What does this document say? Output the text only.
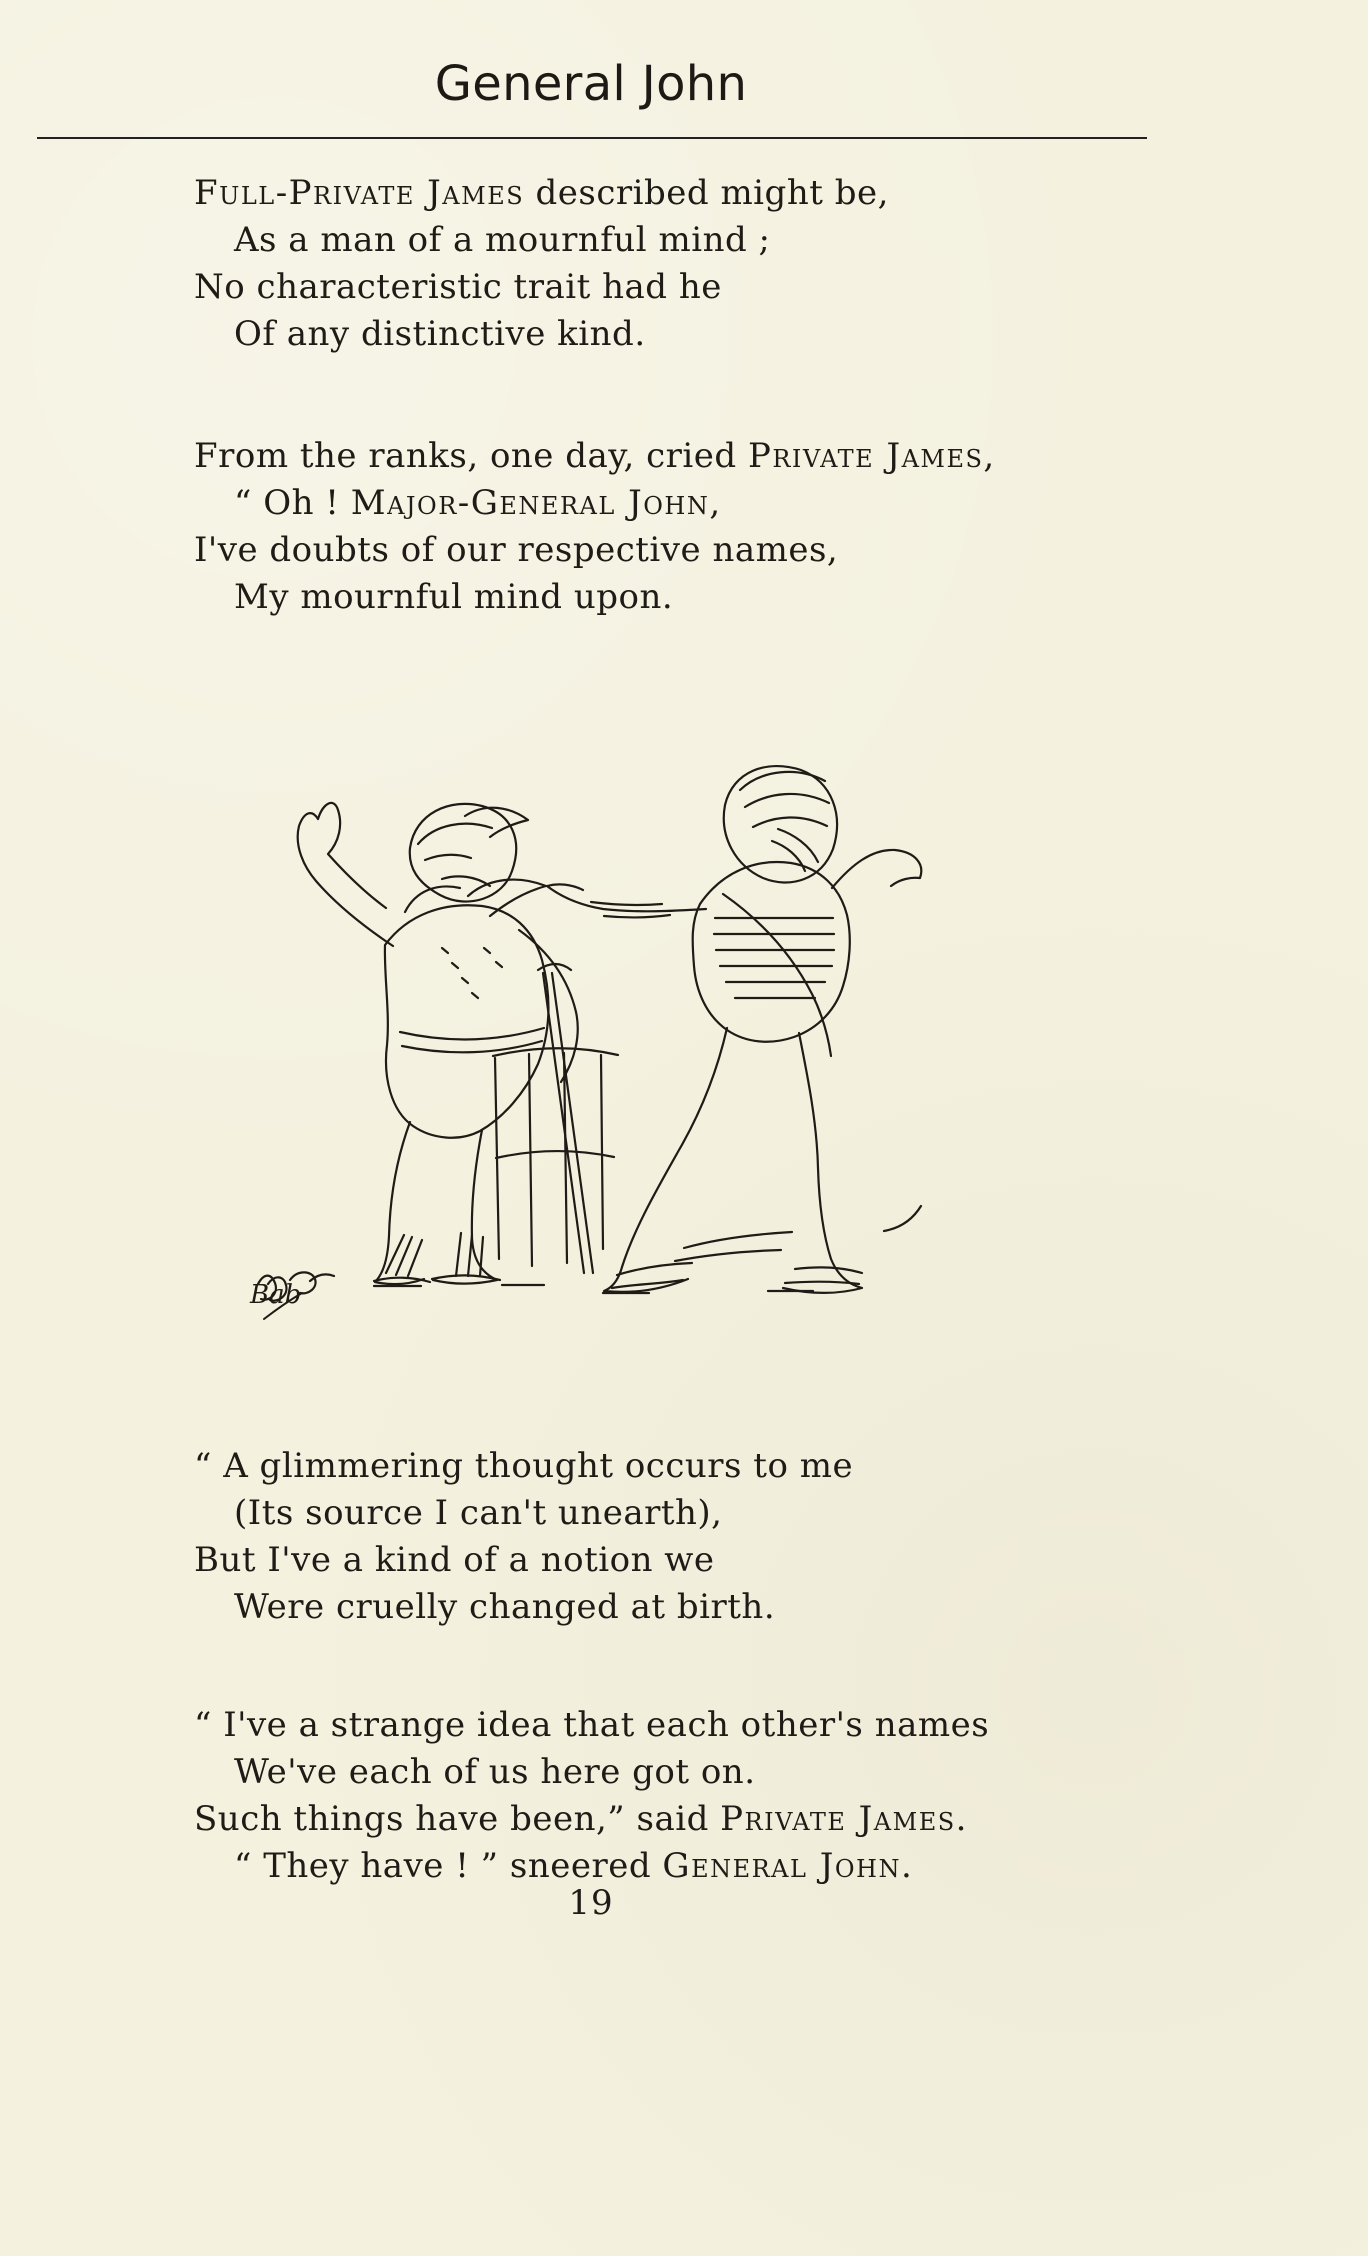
General John
Full-Private James described might be,
As a man of a mournful mind ;
No characteristic trait had he
Of any distinctive kind.
From the ranks, one day, cried Private James,
“ Oh ! Major-General John,
I've doubts of our respective names,
My mournful mind upon.
Bab
“ A glimmering thought occurs to me
(Its source I can't unearth),
But I've a kind of a notion we
Were cruelly changed at birth.
“ I've a strange idea that each other's names
We've each of us here got on.
Such things have been,” said Private James.
“ They have ! ” sneered General John.
19
